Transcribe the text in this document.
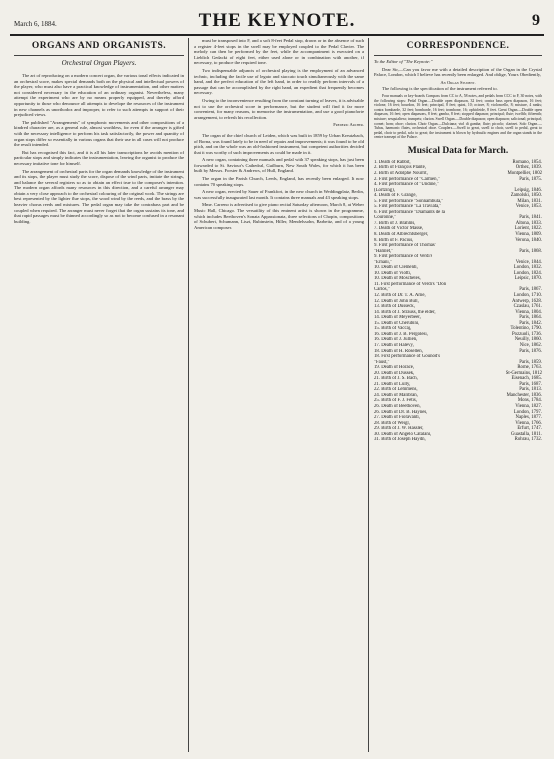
March 6, 1884.	THE KEYNOTE.	9
ORGANS AND ORGANISTS.
Orchestral Organ Players.

The art of reproducing on a modern concert organ, the various tonal effects indicated in an orchestral score, makes special demands both on the physical and intellectual powers of the player, who must also have a practical knowledge of instrumentation, and other matters not considered necessary in the education of an ordinary organist. Nevertheless, many attempt the experiment who are by no means properly equipped, and thereby afford opportunity to those who denounce all attempts to develope the resources of the instrument in new channels as unorthodox and improper, to refer to such attempts in support of their prejudiced views.

The published "Arrangements" of symphonic movements and other compositions of a kindred character are, as a general rule, almost worthless, for even if the arranger is gifted with the necessary intelligence to perform his task satisfactorily, the power and quantity of organ stops differ so essentially in various organs that their use in all cases will not produce the result intended.

But has recognised this fact, and it is all his later transcriptions he avoids mention of particular stops and simply indicates the instrumentation, leaving the organist to produce the necessary imitative tone for himself.

The arrangement of orchestral parts for the organ demands knowledge of the instrument and its stops, the player must study the score, dispose of the wind parts, imitate the strings, and balance the several registers so as to obtain an effect true to the composer's intention. The modern organ affords many resources in this direction, and a careful arranger may obtain a very close approach to the orchestral colouring of the original work. The strings are best represented by the lighter flue stops, the wood wind by the reeds, and the brass by the heavier chorus reeds and mixtures. The pedal organ may take the contrabass part and be coupled when required. The arranger must never forget that the organ sustains its tone, and that rapid passages must be thinned accordingly so as not to become confused in a resonant building.

must be transposed into F, and a soft 8-feet Pedal stop, drawn or in the absence of such a register 4-feet stops in the swell may be employed coupled to the Pedal Clavier. The melody can then be performed by the feet, while the accompaniment is executed on a Lieblich Gedackt of eight feet, either used alone or in combination with another, if necessary, to produce the required tone.

Two indispensable adjuncts of orchestral playing is the employment of an advanced technic, including the facile use of legato and staccato touch simultaneously with the same hand, and the perfect education of the left hand, in order to readily perform intervals of a passage that can be accomplished by the right hand, an expedient that frequently becomes necessary.

Owing to the inconvenience resulting from the constant turning of leaves, it is advisable not to use the orchestral score in performance, but the student will find it far more convenient, for many reasons, to memorise the instrumentation, and use a good pianoforte arrangement, to refresh his recollection.

Frederic Archer.

The organ of the chief church of Leiden, which was built in 1859 by Urban Kreutzbach, of Borna, was found lately to be in need of repairs and improvements; it was found to be old pitch, and on the whole was an old-fashioned instrument, but competent authorities decided that it was worthy of such improvements as could be made in it.

A new organ, containing three manuals and pedal with 37 speaking stops, has just been forwarded to St. Saviour's Cathedral, Guilburn, New South Wales, for which it has been built by Messrs. Forster & Andrews, of Hull, England.

The organ in the Parish Church, Leeds, England, has recently been enlarged. It now contains 70 speaking stops.

A new organ, erected by Sauer of Frankfort, in the new church in Weddingplatz, Berlin, was successfully inaugurated last month. It contains three manuals and 43 speaking stops.

Mme. Carreno is advertised to give piano recital Saturday afternoon, March 8, at Weber Music Hall, Chicago. The versatility of this eminent artist is shown in the programme, which includes Beethoven's Sonata Appassionata, three selections of Chopin, compositions of Schubert, Schumann, Liszt, Rubinstein, Hiller, Mendelssohn, Barbeitz, and of a young American composer.

CORRESPONDENCE.
To the Editor of "The Keynote:"

Dear Sir,—Can you favor me with a detailed description of the Organ in the Crystal Palace, London, which I believe has recently been enlarged. And oblige, Yours Obediently,

An Organ Student.

The following is the specification of the instrument referred to.

Four manuals or key-boards Compass from CC to A, 58 notes, and pedals from CCC to F, 30 notes, with the following stops: Pedal Organ.—Double open diapason, 32 feet; contra bass open diapason, 16 feet; violone, 16 feet; bourdon, 16 feet; principal, 8 feet; quint, 10; octave, 8; violoncello, 8; mixture, 4 ranks; contra bombarde, 32 feet; bombarde, 16 feet; trombone, 16; ophicleide, 8 feet. Great Organ.—Double open diapason, 16 feet; open diapasons, 8 feet; gamba, 8 feet; stopped diapason; principal; flute; twelfth; fifteenth; mixture; sesquialtera; trumpets; clarion. Swell Organ.—Double diapason; open diapason; salicional; principal; cornet; horn; oboe; clarion. Choir Organ.—Dulciana; viol di gamba; flute; piccolo; clarinet. Solo Organ.—Tubas, harmonic flutes, orchestral oboe. Couplers.—Swell to great, swell to choir, swell to pedal, great to pedal, choir to pedal, solo to great; the instrument is blown by hydraulic engines and the organ stands in the centre transept of the Palace.

Musical Data for March.
1. Death of Rabbit,	Romano, 1854.
2. Birth of François Plantè,	Orthez, 1839.
2. Birth of Adolphe Nourrit,	Montpellier, 1802
2. First performance of "Carmen,"	Paris, 1875.
4. First performance of "Undine,"
(Lortzing),	Leipsig, 1846.
4. Death of F. Grangé,	Zamolski, 1850.
5. First performance "Sonnambula,"	Milan, 1831.
5. First performance "La Traviata,"	Venice, 1853.
6. First performance "Diamants de la
Couronne,"	Paris, 1841.
7. Birth of J. Brahms,	Altona, 1833.
7. Death of Victor Massé,	Lorient, 1822.
8. Death of Albrechtsberger,	Vienna, 1809.
8. Birth of F. Pacius,	Verona, 1840.
9. First performance of Thomas'
"Hamlet,"	Paris, 1868.
9. First performance of Verdi's
"Ernani,"	Venice, 1844.
10. Death of Clementi,	London, 1832.
10. Death of Viotti,	London, 1824.
10. Death of Moscheles,	Leipsic, 1870.
11. First performance of Verdi's "Don
Carlos,"	Paris, 1867.
12. Birth of Dr. T. A. Arne,	London, 1710.
12. Death of John Bull,	Antwerp, 1628.
13. Birth of Dusseck,	Czaslau, 1761.
14. Birth of J. Strauss, the elder,	Vienna, 1804.
14. Death of Meyerbeer,	Paris, 1864.
15. Death of Cherubini,	Paris, 1842.
15. Birth of Vaccaj,	Tolentino, 1790.
16. Death of J. B. Pergolesi,	Pozzuoli, 1736.
16. Death of J. Jullien,	Neuilly, 1860.
17. Death of Halévy,	Nice, 1862.
18. Death of H. Rosellen,	Paris, 1876.
18. First performance of Gounod's
"Faust,"	Paris, 1859.
19. Death of Horace,	Rome, 1763.
20. Death of Dussek,	St-Germains, 1812
21. Birth of J. S. Bach,	Eisenach, 1685.
21. Death of Lully,	Paris, 1687.
22. Birth of Lemmens,	Paris, 1813.
24. Death of Malibran,	Manchester, 1836.
25. Birth of F. J. Fétis,	Mons, 1784.
26. Death of Beethoven,	Vienna, 1827.
26. Death of Dr. B. Haynes,	London, 1797.
27. Death of Fioravanti,	Naples, 1877.
28. Birth of Weigl,	Vienna, 1766.
29. Birth of J. W. Hässler,	Erfurt, 1747.
30. Death of Angelo Catalani,	Guastalla, 1811.
31. Birth of Joseph Haydn,	Rohrau, 1732.
